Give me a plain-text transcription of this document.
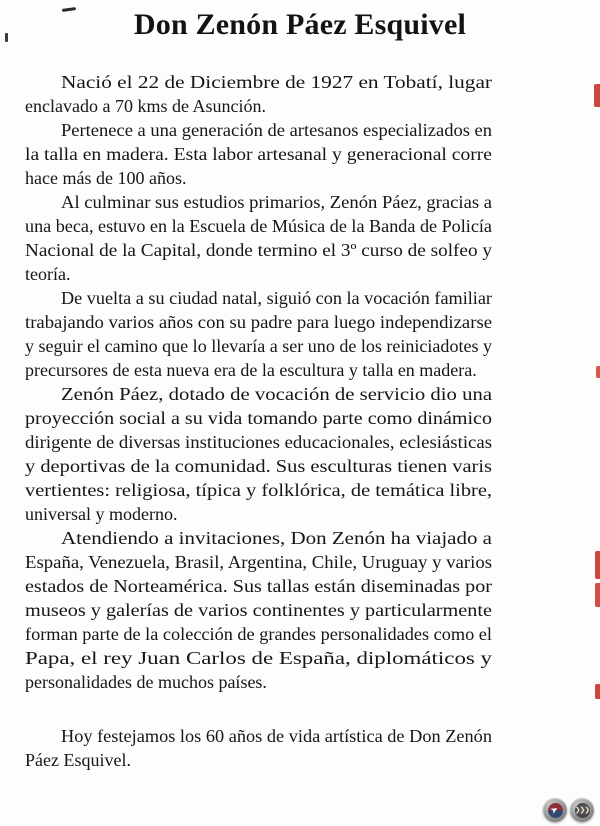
Don Zenón Páez Esquivel
Nació el 22 de Diciembre de 1927 en Tobatí, lugar
enclavado a 70 kms de Asunción.
Pertenece a una generación de artesanos especializados en
la talla en madera. Esta labor artesanal y generacional corre
hace más de 100 años.
Al culminar sus estudios primarios, Zenón Páez, gracias a
una beca, estuvo en la Escuela de Música de la Banda de Policía
Nacional de la Capital, donde termino el 3º curso de solfeo y
teoría.
De vuelta a su ciudad natal, siguió con la vocación familiar
trabajando varios años con su padre para luego independizarse
y seguir el camino que lo llevaría a ser uno de los reiniciadotes y
precursores de esta nueva era de la escultura y talla en madera.
Zenón Páez, dotado de vocación de servicio dio una
proyección social a su vida tomando parte como dinámico
dirigente de diversas instituciones educacionales, eclesiásticas
y deportivas de la comunidad. Sus esculturas tienen varis
vertientes: religiosa, típica y folklórica, de temática libre,
universal y moderno.
Atendiendo a invitaciones, Don Zenón ha viajado a
España, Venezuela, Brasil, Argentina, Chile, Uruguay y varios
estados de Norteamérica. Sus tallas están diseminadas por
museos y galerías de varios continentes y particularmente
forman parte de la colección de grandes personalidades como el
Papa, el rey Juan Carlos de España, diplomáticos y
personalidades de muchos países.
Hoy festejamos los 60 años de vida artística de Don Zenón
Páez Esquivel.
➤ ❯❯❯
